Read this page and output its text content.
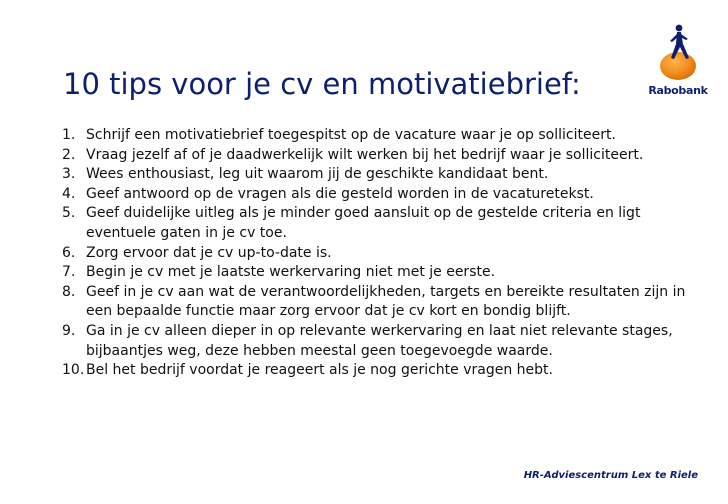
10 tips voor je cv en motivatiebrief:	Rabobank
1. Schrijf een motivatiebrief toegespitst op de vacature waar je op solliciteert.
2. Vraag jezelf af of je daadwerkelijk wilt werken bij het bedrijf waar je solliciteert.
3. Wees enthousiast, leg uit waarom jij de geschikte kandidaat bent.
4. Geef antwoord op de vragen als die gesteld worden in de vacaturetekst.
5. Geef duidelijke uitleg als je minder goed aansluit op de gestelde criteria en ligt eventuele gaten in je cv toe.
6. Zorg ervoor dat je cv up-to-date is.
7. Begin je cv met je laatste werkervaring niet met je eerste.
8. Geef in je cv aan wat de verantwoordelijkheden, targets en bereikte resultaten zijn in een bepaalde functie maar zorg ervoor dat je cv kort en bondig blijft.
9. Ga in je cv alleen dieper in op relevante werkervaring en laat niet relevante stages, bijbaantjes weg, deze hebben meestal geen toegevoegde waarde.
10. Bel het bedrijf voordat je reageert als je nog gerichte vragen hebt.
HR-Adviescentrum Lex te Riele
